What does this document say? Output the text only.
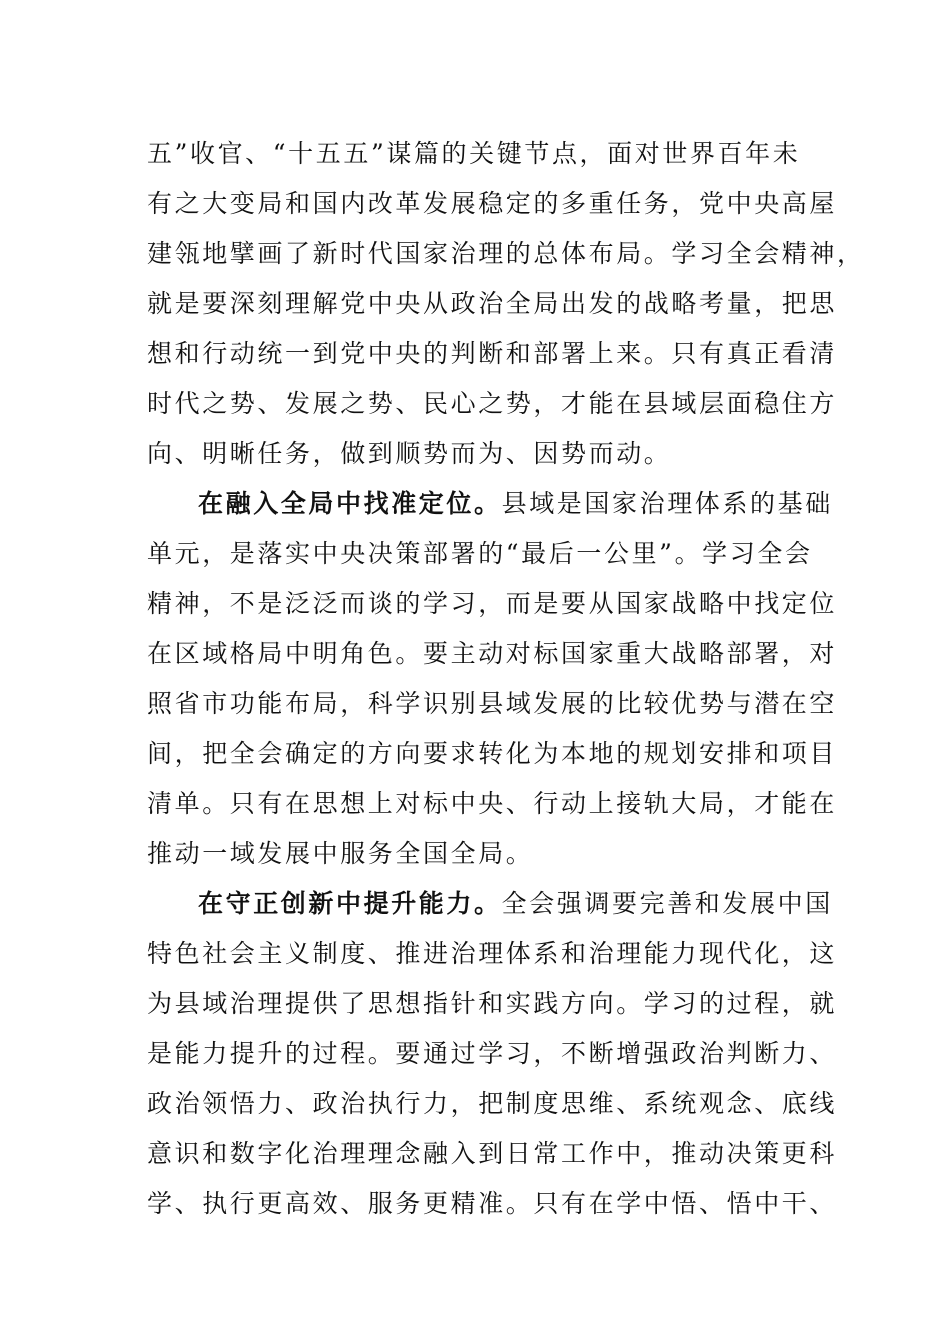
五”收官、“十五五”谋篇的关键节点，面对世界百年未
有之大变局和国内改革发展稳定的多重任务，党中央高屋
建瓴地擘画了新时代国家治理的总体布局。学习全会精神，
就是要深刻理解党中央从政治全局出发的战略考量，把思
想和行动统一到党中央的判断和部署上来。只有真正看清
时代之势、发展之势、民心之势，才能在县域层面稳住方
向、明晰任务，做到顺势而为、因势而动。
在融入全局中找准定位。县域是国家治理体系的基础
单元，是落实中央决策部署的“最后一公里”。学习全会
精神，不是泛泛而谈的学习，而是要从国家战略中找定位
在区域格局中明角色。要主动对标国家重大战略部署，对
照省市功能布局，科学识别县域发展的比较优势与潜在空
间，把全会确定的方向要求转化为本地的规划安排和项目
清单。只有在思想上对标中央、行动上接轨大局，才能在
推动一域发展中服务全国全局。
在守正创新中提升能力。全会强调要完善和发展中国
特色社会主义制度、推进治理体系和治理能力现代化，这
为县域治理提供了思想指针和实践方向。学习的过程，就
是能力提升的过程。要通过学习，不断增强政治判断力、
政治领悟力、政治执行力，把制度思维、系统观念、底线
意识和数字化治理理念融入到日常工作中，推动决策更科
学、执行更高效、服务更精准。只有在学中悟、悟中干、
